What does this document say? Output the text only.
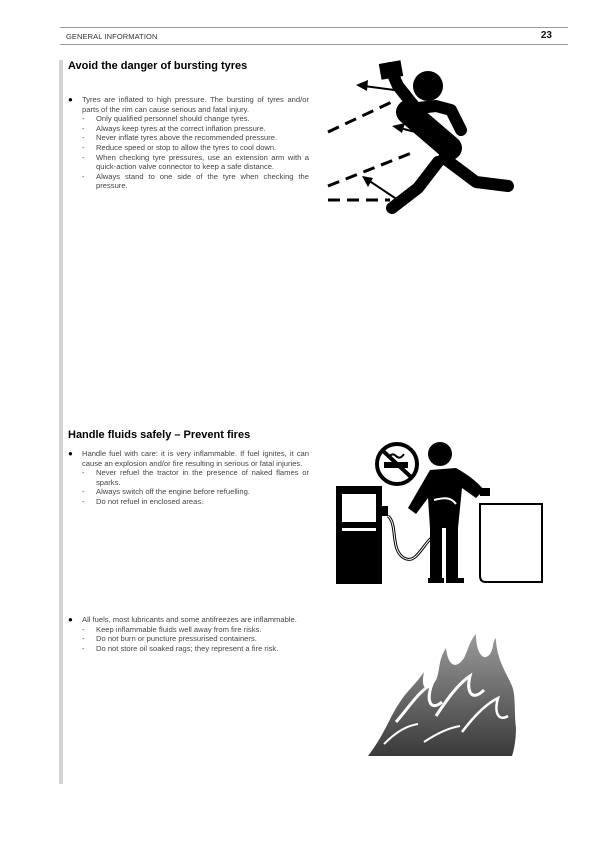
GENERAL INFORMATION	23
Avoid the danger of bursting tyres
●	Tyres are inflated to high pressure. The bursting of tyres and/or parts of the rim can cause serious and fatal injury.
-	Only qualified personnel should change tyres.
-	Always keep tyres at the correct inflation pressure.
-	Never inflate tyres above the recommended pressure.
-	Reduce speed or stop to allow the tyres to cool down.
-	When checking tyre pressures, use an extension arm with a quick-action valve connector to keep a safe distance.
-	Always stand to one side of the tyre when checking the pressure.
Handle fluids safely – Prevent fires
●	Handle fuel with care: it is very inflammable. If fuel ignites, it can cause an explosion and/or fire resulting in serious or fatal injuries.
-	Never refuel the tractor in the presence of naked flames or sparks.
-	Always switch off the engine before refuelling.
-	Do not refuel in enclosed areas.
●	All fuels, most lubricants and some antifreezes are inflammable.
-	Keep inflammable fluids well away from fire risks.
-	Do not burn or puncture pressurised containers.
-	Do not store oil soaked rags; they represent a fire risk.
